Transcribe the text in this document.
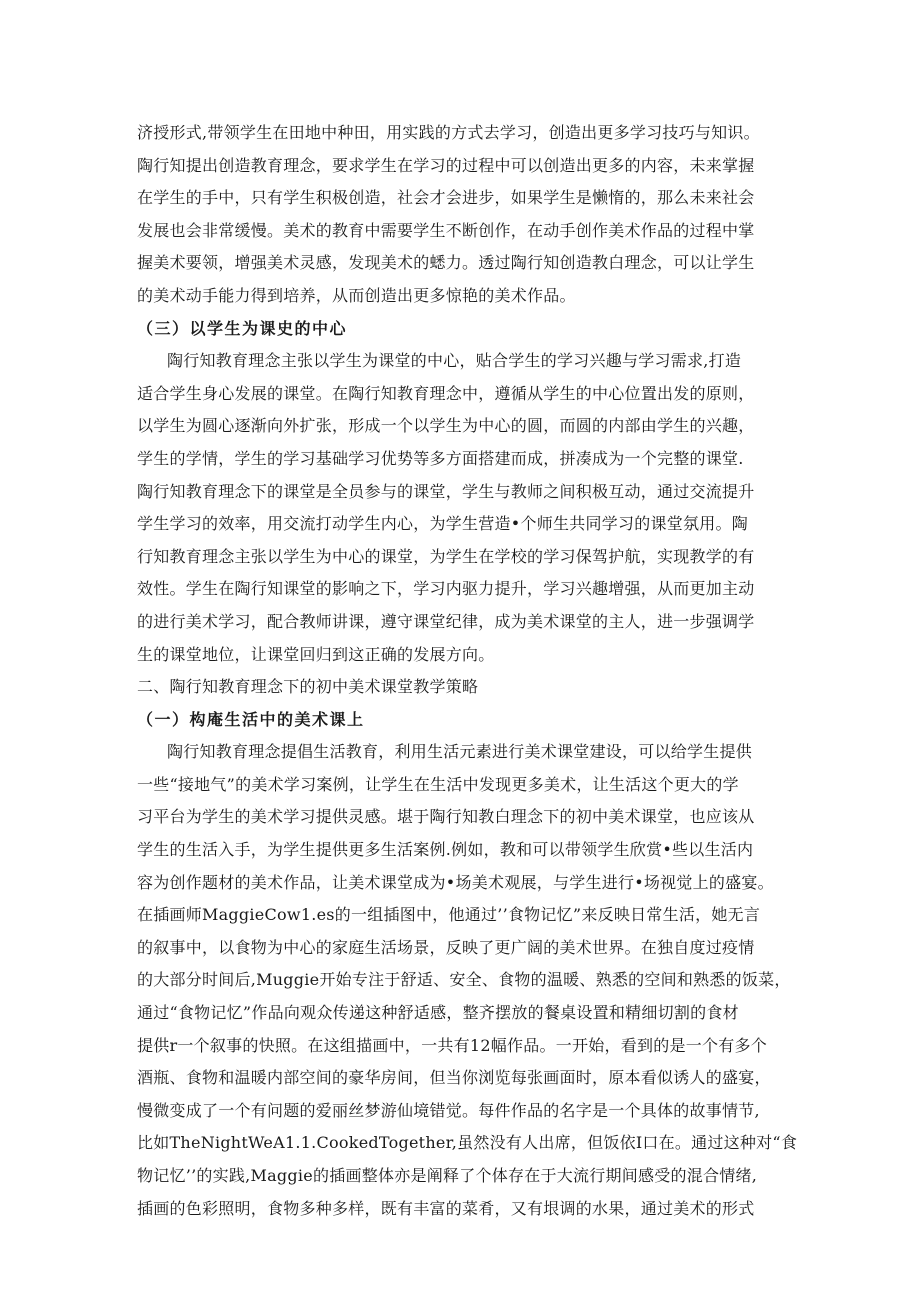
济授形式,带领学生在田地中种田，用实践的方式去学习，创造出更多学习技巧与知识。
陶行知提出创造教育理念，要求学生在学习的过程中可以创造出更多的内容，未来掌握
在学生的手中，只有学生积极创造，社会才会进步，如果学生是懒惰的，那么未来社会
发展也会非常缓慢。美术的教育中需要学生不断创作，在动手创作美术作品的过程中掌
握美术要领，增强美术灵感，发现美术的蟋力。透过陶行知创造教白理念，可以让学生
的美术动手能力得到培养，从而创造出更多惊艳的美术作品。
（三）以学生为课史的中心
陶行知教育理念主张以学生为课堂的中心，贴合学生的学习兴趣与学习需求,打造
适合学生身心发展的课堂。在陶行知教育理念中，遵循从学生的中心位置出发的原则，
以学生为圆心逐渐向外扩张，形成一个以学生为中心的圆，而圆的内部由学生的兴趣，
学生的学情，学生的学习基础学习优势等多方面搭建而成，拼凑成为一个完整的课堂.
陶行知教育理念下的课堂是全员参与的课堂，学生与教师之间积极互动，通过交流提升
学生学习的效率，用交流打动学生内心，为学生营造•个师生共同学习的课堂氛用。陶
行知教育理念主张以学生为中心的课堂，为学生在学校的学习保驾护航，实现教学的有
效性。学生在陶行知课堂的影响之下，学习内驱力提升，学习兴趣增强，从而更加主动
的进行美术学习，配合教师讲课，遵守课堂纪律，成为美术课堂的主人，进一步强调学
生的课堂地位，让课堂回归到这正确的发展方向。
二、陶行知教育理念下的初中美术课堂教学策略
（一）构庵生活中的美术课上
陶行知教育理念提倡生活教育，利用生活元素进行美术课堂建设，可以给学生提供
一些“接地气”的美术学习案例，让学生在生活中发现更多美术，让生活这个更大的学
习平台为学生的美术学习提供灵感。堪于陶行知教白理念下的初中美术课堂，也应该从
学生的生活入手，为学生提供更多生活案例.例如，教和可以带领学生欣赏•些以生活内
容为创作题材的美术作品，让美术课堂成为•场美术观展，与学生进行•场视觉上的盛宴。
在插画师MaggieCow1.es的一组插图中，他通过’’食物记忆”来反映日常生活，她无言
的叙事中，以食物为中心的家庭生活场景，反映了更广阔的美术世界。在独自度过疫情
的大部分时间后,Muggie开始专注于舒适、安全、食物的温暖、熟悉的空间和熟悉的饭菜，
通过“食物记忆”作品向观众传递这种舒适感，整齐摆放的餐桌设置和精细切割的食材
提供r一个叙事的快照。在这组描画中，一共有12幅作品。一开始，看到的是一个有多个
酒瓶、食物和温暖内部空间的豪华房间，但当你浏览每张画面时，原本看似诱人的盛宴，
慢微变成了一个有问题的爱丽丝梦游仙境错觉。每件作品的名字是一个具体的故事情节,
比如TheNightWeA1.1.CookedTogether,虽然没有人出席，但饭依I口在。通过这种对“食
物记忆’’的实践,Maggie的插画整体亦是阐释了个体存在于大流行期间感受的混合情绪,
插画的色彩照明，食物多种多样，既有丰富的菜肴，又有垠调的水果，通过美术的形式
